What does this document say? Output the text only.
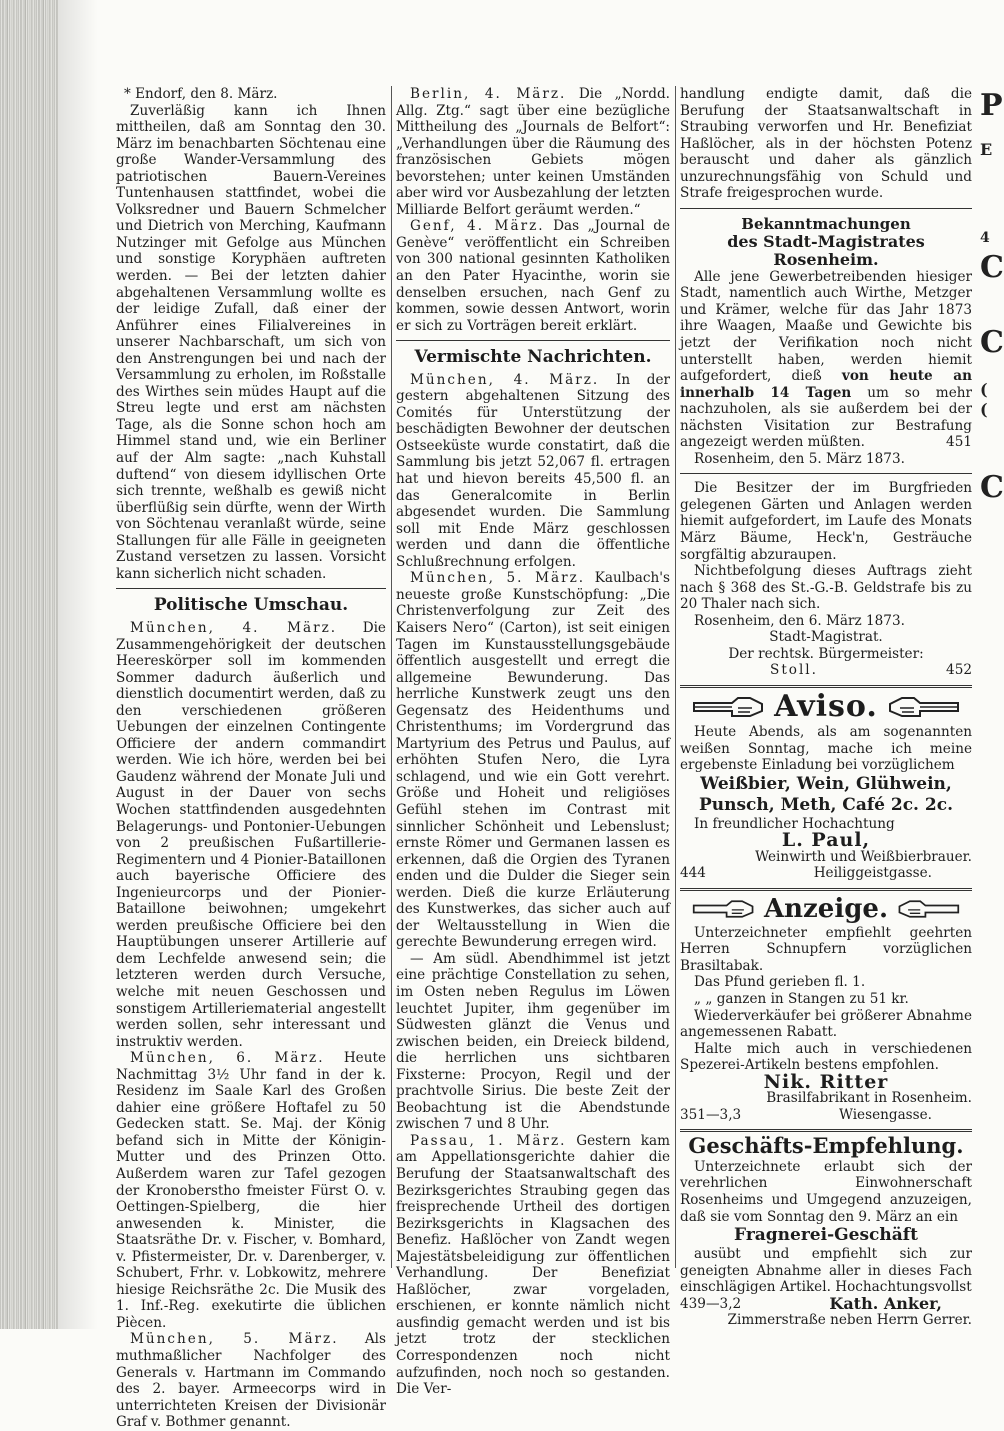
P
E
4
C
C
(
(
C

* Endorf, den 8. März.

Zuverläßig kann ich Ihnen mittheilen, daß am Sonntag den 30. März im benachbarten Söchtenau eine große Wander-Versammlung des patriotischen Bauern-Vereines Tuntenhausen stattfindet, wobei die Volksredner und Bauern Schmelcher und Dietrich von Merching, Kaufmann Nutzinger mit Gefolge aus München und sonstige Koryphäen auftreten werden. — Bei der letzten dahier abgehaltenen Versammlung wollte es der leidige Zufall, daß einer der Anführer eines Filialvereines in unserer Nachbarschaft, um sich von den Anstrengungen bei und nach der Versammlung zu erholen, im Roßstalle des Wirthes sein müdes Haupt auf die Streu legte und erst am nächsten Tage, als die Sonne schon hoch am Himmel stand und, wie ein Berliner auf der Alm sagte: „nach Kuhstall duftend“ von diesem idyllischen Orte sich trennte, weßhalb es gewiß nicht überflüßig sein dürfte, wenn der Wirth von Söchtenau veranlaßt würde, seine Stallungen für alle Fälle in geeigneten Zustand versetzen zu lassen. Vorsicht kann sicherlich nicht schaden.

Politische Umschau.

München, 4. März. Die Zusammengehörigkeit der deutschen Heereskörper soll im kommenden Sommer dadurch äußerlich und dienstlich documentirt werden, daß zu den verschiedenen größeren Uebungen der einzelnen Contingente Officiere der andern commandirt werden. Wie ich höre, werden bei bei Gaudenz während der Monate Juli und August in der Dauer von sechs Wochen stattfindenden ausgedehnten Belagerungs- und Pontonier-Uebungen von 2 preußischen Fußartillerie-Regimentern und 4 Pionier-Bataillonen auch bayerische Officiere des Ingenieurcorps und der Pionier-Bataillone beiwohnen; umgekehrt werden preußische Officiere bei den Hauptübungen unserer Artillerie auf dem Lechfelde anwesend sein; die letzteren werden durch Versuche, welche mit neuen Geschossen und sonstigem Artilleriematerial angestellt werden sollen, sehr interessant und instruktiv werden.

München, 6. März. Heute Nachmittag 3½ Uhr fand in der k. Residenz im Saale Karl des Großen dahier eine größere Hoftafel zu 50 Gedecken statt. Se. Maj. der König befand sich in Mitte der Königin-Mutter und des Prinzen Otto. Außerdem waren zur Tafel gezogen der Kronoberstho fmeister Fürst O. v. Oettingen-Spielberg, die hier anwesenden k. Minister, die Staatsräthe Dr. v. Fischer, v. Bomhard, v. Pfistermeister, Dr. v. Darenberger, v. Schubert, Frhr. v. Lobkowitz, mehrere hiesige Reichsräthe 2c. Die Musik des 1. Inf.-Reg. exekutirte die üblichen Piècen.

München, 5. März. Als muthmaßlicher Nachfolger des Generals v. Hartmann im Commando des 2. bayer. Armeecorps wird in unterrichteten Kreisen der Divisionär Graf v. Bothmer genannt.

Berlin, 4. März. Die „Nordd. Allg. Ztg.“ sagt über eine bezügliche Mittheilung des „Journals de Belfort“: „Verhandlungen über die Räumung des französischen Gebiets mögen bevorstehen; unter keinen Umständen aber wird vor Ausbezahlung der letzten Milliarde Belfort geräumt werden.“

Genf, 4. März. Das „Journal de Genève“ veröffentlicht ein Schreiben von 300 national gesinnten Katholiken an den Pater Hyacinthe, worin sie denselben ersuchen, nach Genf zu kommen, sowie dessen Antwort, worin er sich zu Vorträgen bereit erklärt.

Vermischte Nachrichten.

München, 4. März. In der gestern abgehaltenen Sitzung des Comités für Unterstützung der beschädigten Bewohner der deutschen Ostseeküste wurde constatirt, daß die Sammlung bis jetzt 52,067 fl. ertragen hat und hievon bereits 45,500 fl. an das Generalcomite in Berlin abgesendet wurden. Die Sammlung soll mit Ende März geschlossen werden und dann die öffentliche Schlußrechnung erfolgen.

München, 5. März. Kaulbach's neueste große Kunstschöpfung: „Die Christenverfolgung zur Zeit des Kaisers Nero“ (Carton), ist seit einigen Tagen im Kunstausstellungsgebäude öffentlich ausgestellt und erregt die allgemeine Bewunderung. Das herrliche Kunstwerk zeugt uns den Gegensatz des Heidenthums und Christenthums; im Vordergrund das Martyrium des Petrus und Paulus, auf erhöhten Stufen Nero, die Lyra schlagend, und wie ein Gott verehrt. Größe und Hoheit und religiöses Gefühl stehen im Contrast mit sinnlicher Schönheit und Lebenslust; ernste Römer und Germanen lassen es erkennen, daß die Orgien des Tyranen enden und die Dulder die Sieger sein werden. Dieß die kurze Erläuterung des Kunstwerkes, das sicher auch auf der Weltausstellung in Wien die gerechte Bewunderung erregen wird.

— Am südl. Abendhimmel ist jetzt eine prächtige Constellation zu sehen, im Osten neben Regulus im Löwen leuchtet Jupiter, ihm gegenüber im Südwesten glänzt die Venus und zwischen beiden, ein Dreieck bildend, die herrlichen uns sichtbaren Fixsterne: Procyon, Regil und der prachtvolle Sirius. Die beste Zeit der Beobachtung ist die Abendstunde zwischen 7 und 8 Uhr.

Passau, 1. März. Gestern kam am Appellationsgerichte dahier die Berufung der Staatsanwaltschaft des Bezirksgerichtes Straubing gegen das freisprechende Urtheil des dortigen Bezirksgerichts in Klagsachen des Benefiz. Haßlöcher von Zandt wegen Majestätsbeleidigung zur öffentlichen Verhandlung. Der Benefiziat Haßlöcher, zwar vorgeladen, erschienen, er konnte nämlich nicht ausfindig gemacht werden und ist bis jetzt trotz der stecklichen Correspondenzen noch nicht aufzufinden, noch noch so gestanden. Die Ver-

handlung endigte damit, daß die Berufung der Staatsanwaltschaft in Straubing verworfen und Hr. Benefiziat Haßlöcher, als in der höchsten Potenz berauscht und daher als gänzlich unzurechnungsfähig von Schuld und Strafe freigesprochen wurde.

Bekanntmachungen
des Stadt-Magistrates Rosenheim.

Alle jene Gewerbetreibenden hiesiger Stadt, namentlich auch Wirthe, Metzger und Krämer, welche für das Jahr 1873 ihre Waagen, Maaße und Gewichte bis jetzt der Verifikation noch nicht unterstellt haben, werden hiemit aufgefordert, dieß von heute an innerhalb 14 Tagen um so mehr nachzuholen, als sie außerdem bei der nächsten Visitation zur Bestrafung angezeigt werden müßten.	451

Rosenheim, den 5. März 1873.

Die Besitzer der im Burgfrieden gelegenen Gärten und Anlagen werden hiemit aufgefordert, im Laufe des Monats März Bäume, Heck'n, Gesträuche sorgfältig abzuraupen.

Nichtbefolgung dieses Auftrags zieht nach § 368 des St.-G.-B. Geldstrafe bis zu 20 Thaler nach sich.

Rosenheim, den 6. März 1873.

Stadt-Magistrat.
Der rechtsk. Bürgermeister:
Stoll.	452
Aviso.

Heute Abends, als am sogenannten weißen Sonntag, mache ich meine ergebenste Einladung bei vorzüglichem

Weißbier, Wein, Glühwein,
Punsch, Meth, Café 2c. 2c.

In freundlicher Hochachtung

L. Paul,
Weinwirth und Weißbierbrauer.
444	Heiliggeistgasse.
Anzeige.

Unterzeichneter empfiehlt geehrten Herren Schnupfern vorzüglichen Brasiltabak.

Das Pfund gerieben fl. 1.

„ „ ganzen in Stangen zu 51 kr.

Wiederverkäufer bei größerer Abnahme angemessenen Rabatt.

Halte mich auch in verschiedenen Spezerei-Artikeln bestens empfohlen.

Nik. Ritter
Brasilfabrikant in Rosenheim.
351—3,3	Wiesengasse.
Geschäfts-Empfehlung.

Unterzeichnete erlaubt sich der verehrlichen Einwohnerschaft Rosenheims und Umgegend anzuzeigen, daß sie vom Sonntag den 9. März an ein

Fragnerei-Geschäft

ausübt und empfiehlt sich zur geneigten Abnahme aller in dieses Fach einschlägigen Artikel. Hochachtungsvollst

439—3,2	Kath. Anker,
Zimmerstraße neben Herrn Gerrer.
